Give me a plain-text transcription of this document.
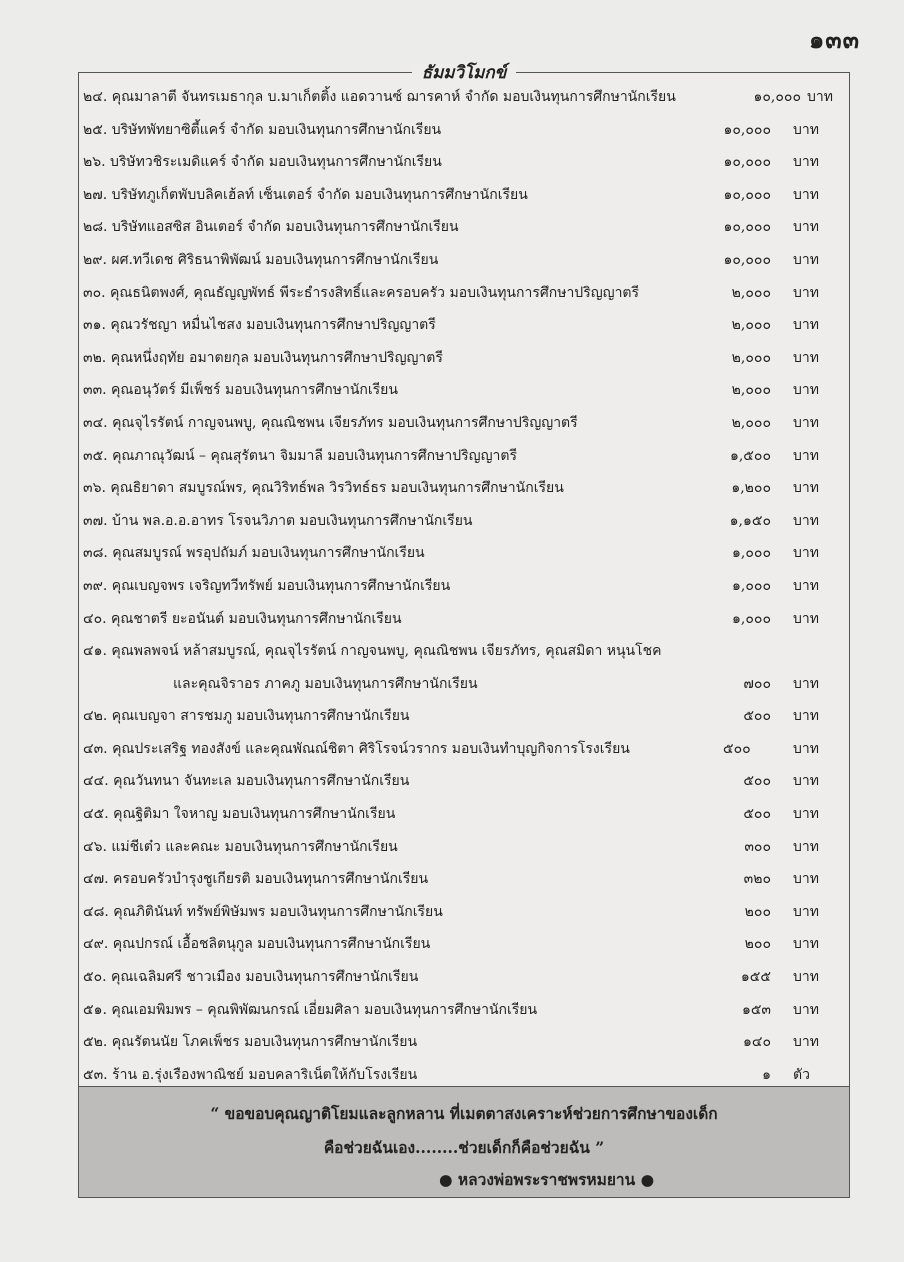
๑๓๓
ธัมมวิโมกข์
๒๔. คุณมาลาตี จันทรเมธากุล บ.มาเก็ตติ้ง แอดวานซ์ ฌารคาห์ จำกัด มอบเงินทุนการศึกษานักเรียน	๑๐,๐๐๐ บาท
๒๕. บริษัทพัทยาซิตี้แคร์ จำกัด มอบเงินทุนการศึกษานักเรียน	๑๐,๐๐๐ บาท
๒๖. บริษัทวชิระเมดิแคร์ จำกัด มอบเงินทุนการศึกษานักเรียน	๑๐,๐๐๐ บาท
๒๗. บริษัทภูเก็ตพับบลิคเฮ้ลท์ เซ็นเตอร์ จำกัด มอบเงินทุนการศึกษานักเรียน	๑๐,๐๐๐ บาท
๒๘. บริษัทแอสซิส อินเตอร์ จำกัด มอบเงินทุนการศึกษานักเรียน	๑๐,๐๐๐ บาท
๒๙. ผศ.ทวีเดช ศิริธนาพิพัฒน์ มอบเงินทุนการศึกษานักเรียน	๑๐,๐๐๐ บาท
๓๐. คุณธนิตพงศ์, คุณธัญญพัทธ์ พีระธำรงสิทธิ์และครอบครัว มอบเงินทุนการศึกษาปริญญาตรี	๒,๐๐๐ บาท
๓๑. คุณวรัชญา หมื่นไชสง มอบเงินทุนการศึกษาปริญญาตรี	๒,๐๐๐ บาท
๓๒. คุณหนึ่งฤทัย อมาตยกุล มอบเงินทุนการศึกษาปริญญาตรี	๒,๐๐๐ บาท
๓๓. คุณอนุวัตร์ มีเพ็ชร์ มอบเงินทุนการศึกษานักเรียน	๒,๐๐๐ บาท
๓๔. คุณจุไรรัตน์ กาญจนพบู, คุณณิชพน เจียรภัทร มอบเงินทุนการศึกษาปริญญาตรี	๒,๐๐๐ บาท
๓๕. คุณภาณุวัฒน์ – คุณสุรัตนา จิมมาลี มอบเงินทุนการศึกษาปริญญาตรี	๑,๕๐๐ บาท
๓๖. คุณธิยาดา สมบูรณ์พร, คุณวิริทธ์พล วิรวิทธ์ธร มอบเงินทุนการศึกษานักเรียน	๑,๒๐๐ บาท
๓๗. บ้าน พล.อ.อ.อาทร โรจนวิภาต มอบเงินทุนการศึกษานักเรียน	๑,๑๕๐ บาท
๓๘. คุณสมบูรณ์ พรอุปถัมภ์ มอบเงินทุนการศึกษานักเรียน	๑,๐๐๐ บาท
๓๙. คุณเบญจพร เจริญทวีทรัพย์ มอบเงินทุนการศึกษานักเรียน	๑,๐๐๐ บาท
๔๐. คุณชาตรี ยะอนันต์ มอบเงินทุนการศึกษานักเรียน	๑,๐๐๐ บาท
๔๑. คุณพลพจน์ หล้าสมบูรณ์, คุณจุไรรัตน์ กาญจนพบู, คุณณิชพน เจียรภัทร, คุณสมิดา หนุนโชค
และคุณจิราอร ภาคภู มอบเงินทุนการศึกษานักเรียน	๗๐๐ บาท
๔๒. คุณเบญจา สารชมภู มอบเงินทุนการศึกษานักเรียน	๕๐๐ บาท
๔๓. คุณประเสริฐ ทองสังข์ และคุณพัณณ์ชิตา ศิริโรจน์วรากร มอบเงินทำบุญกิจการโรงเรียน	๕๐๐	บาท
๔๔. คุณวันทนา จันทะเล มอบเงินทุนการศึกษานักเรียน	๕๐๐ บาท
๔๕. คุณฐิติมา ใจหาญ มอบเงินทุนการศึกษานักเรียน	๕๐๐ บาท
๔๖. แม่ชีเต๋ว และคณะ มอบเงินทุนการศึกษานักเรียน	๓๐๐ บาท
๔๗. ครอบครัวบำรุงชูเกียรติ มอบเงินทุนการศึกษานักเรียน	๓๒๐ บาท
๔๘. คุณภิตินันท์ ทรัพย์พิษัมพร มอบเงินทุนการศึกษานักเรียน	๒๐๐ บาท
๔๙. คุณปกรณ์ เอื้อชลิตนุกูล มอบเงินทุนการศึกษานักเรียน	๒๐๐ บาท
๕๐. คุณเฉลิมศรี ชาวเมือง มอบเงินทุนการศึกษานักเรียน	๑๕๕ บาท
๕๑. คุณเอมพิมพร – คุณพิพัฒนกรณ์ เอี่ยมศิลา มอบเงินทุนการศึกษานักเรียน	๑๕๓ บาท
๕๒. คุณรัตนนัย โภคเพ็ชร มอบเงินทุนการศึกษานักเรียน	๑๔๐ บาท
๕๓. ร้าน อ.รุ่งเรืองพาณิชย์ มอบคลาริเน็ตให้กับโรงเรียน	๑ ตัว
“ ขอขอบคุณญาติโยมและลูกหลาน ที่เมตตาสงเคราะห์ช่วยการศึกษาของเด็ก
คือช่วยฉันเอง........ช่วยเด็กก็คือช่วยฉัน ”
● หลวงพ่อพระราชพรหมยาน ●
